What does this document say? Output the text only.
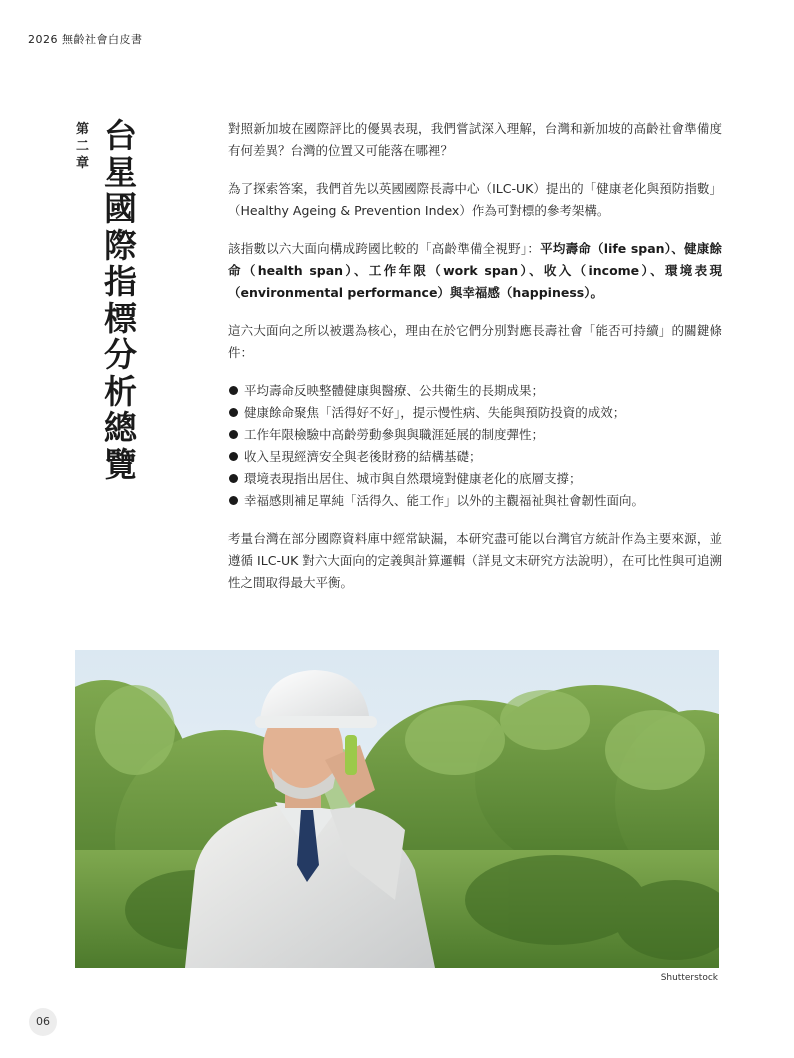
2026 無齡社會白皮書
第二章
台星國際指標分析總覽

對照新加坡在國際評比的優異表現，我們嘗試深入理解，台灣和新加坡的高齡社會準備度有何差異？台灣的位置又可能落在哪裡？

為了探索答案，我們首先以英國國際長壽中心（ILC-UK）提出的「健康老化與預防指數」（Healthy Ageing & Prevention Index）作為可對標的參考架構。

該指數以六大面向構成跨國比較的「高齡準備全視野」：平均壽命（life span）、健康餘命（health span）、工作年限（work span）、收入（income）、環境表現（environmental performance）與幸福感（happiness）。

這六大面向之所以被選為核心，理由在於它們分別對應長壽社會「能否可持續」的關鍵條件：

平均壽命反映整體健康與醫療、公共衛生的長期成果；
健康餘命聚焦「活得好不好」，提示慢性病、失能與預防投資的成效；
工作年限檢驗中高齡勞動參與與職涯延展的制度彈性；
收入呈現經濟安全與老後財務的結構基礎；
環境表現指出居住、城市與自然環境對健康老化的底層支撐；
幸福感則補足單純「活得久、能工作」以外的主觀福祉與社會韌性面向。

考量台灣在部分國際資料庫中經常缺漏，本研究盡可能以台灣官方統計作為主要來源，並遵循 ILC-UK 對六大面向的定義與計算邏輯（詳見文末研究方法說明），在可比性與可追溯性之間取得最大平衡。

Shutterstock
06
